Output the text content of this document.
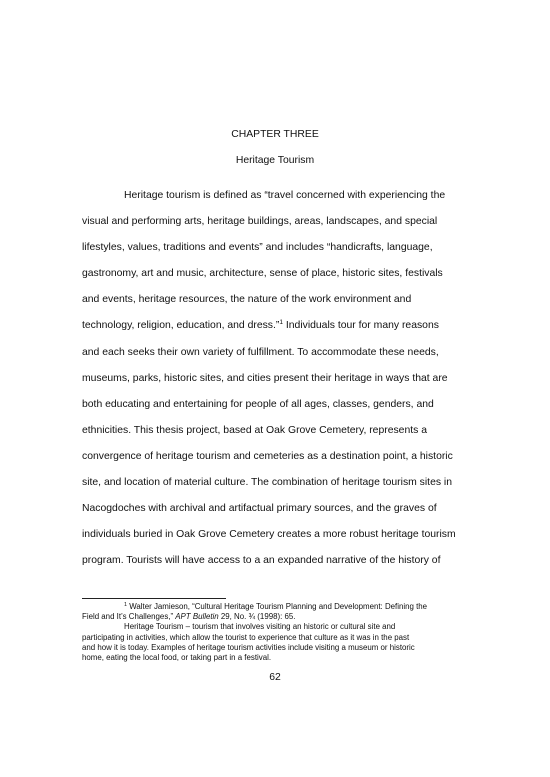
CHAPTER THREE
Heritage Tourism
Heritage tourism is defined as “travel concerned with experiencing the
visual and performing arts, heritage buildings, areas, landscapes, and special
lifestyles, values, traditions and events” and includes “handicrafts, language,
gastronomy, art and music, architecture, sense of place, historic sites, festivals
and events, heritage resources, the nature of the work environment and
technology, religion, education, and dress.”$^1$ Individuals tour for many reasons
and each seeks their own variety of fulfillment. To accommodate these needs,
museums, parks, historic sites, and cities present their heritage in ways that are
both educating and entertaining for people of all ages, classes, genders, and
ethnicities. This thesis project, based at Oak Grove Cemetery, represents a
convergence of heritage tourism and cemeteries as a destination point, a historic
site, and location of material culture. The combination of heritage tourism sites in
Nacogdoches with archival and artifactual primary sources, and the graves of
individuals buried in Oak Grove Cemetery creates a more robust heritage tourism
program. Tourists will have access to a an expanded narrative of the history of
$^1$ Walter Jamieson, “Cultural Heritage Tourism Planning and Development: Defining the
Field and It’s Challenges,” APT Bulletin 29, No. ¾ (1998): 65.
Heritage Tourism – tourism that involves visiting an historic or cultural site and
participating in activities, which allow the tourist to experience that culture as it was in the past
and how it is today. Examples of heritage tourism activities include visiting a museum or historic
home, eating the local food, or taking part in a festival.
62
